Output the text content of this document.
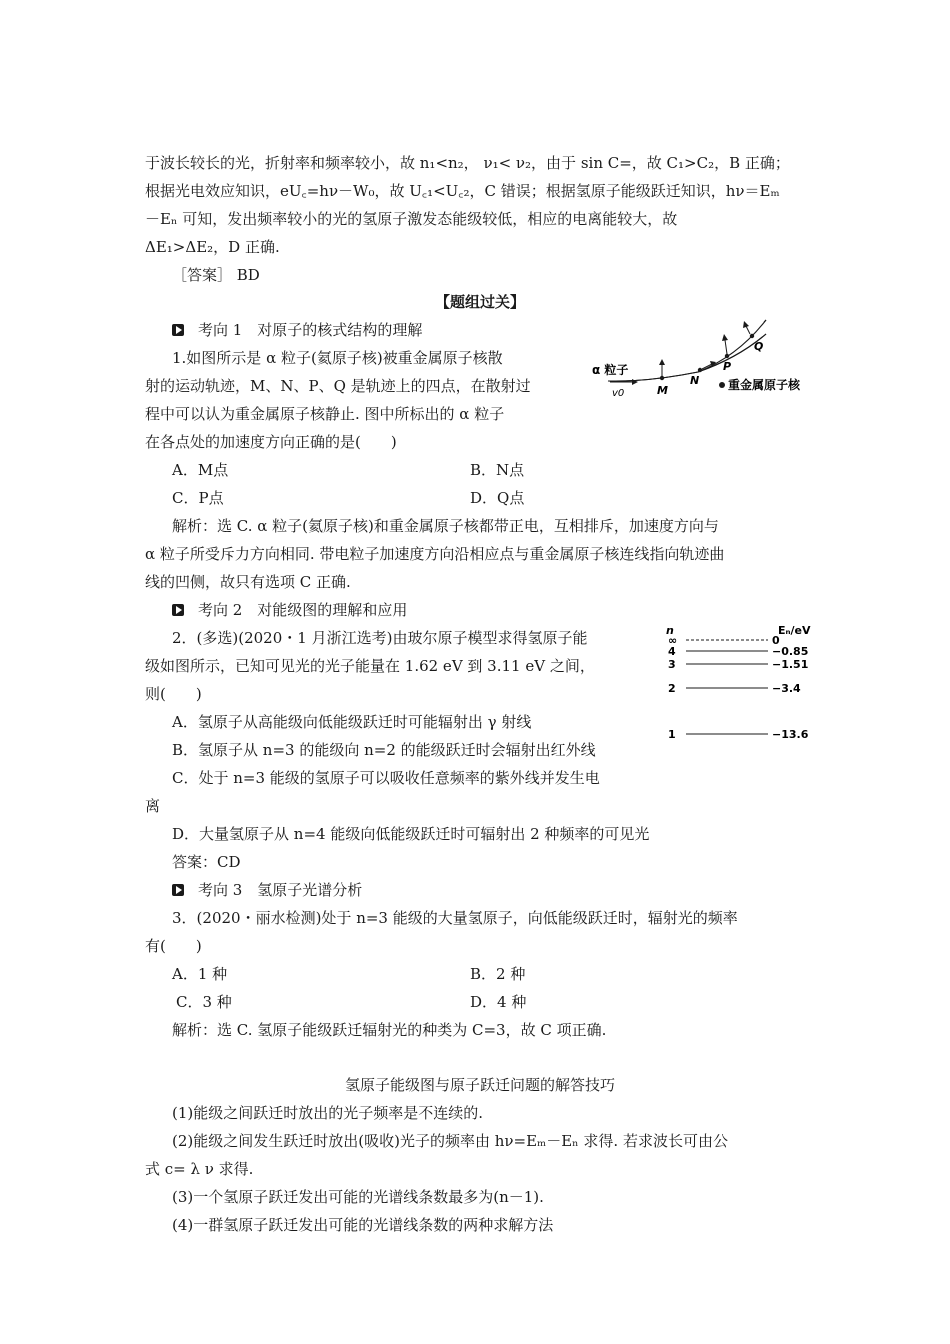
于波长较长的光，折射率和频率较小，故 n₁<n₂， ν₁< ν₂，由于 sin C=，故 C₁>C₂，B 正确；
根据光电效应知识，eU꜀=hν－W₀，故 U꜀₁<U꜀₂，C 错误；根据氢原子能级跃迁知识，hν＝Eₘ
－Eₙ 可知，发出频率较小的光的氢原子激发态能级较低，相应的电离能较大，故
ΔE₁>ΔE₂，D 正确.
［答案］ BD
【题组过关】
考向 1　对原子的核式结构的理解
1.如图所示是 α 粒子(氦原子核)被重金属原子核散
射的运动轨迹，M、N、P、Q 是轨迹上的四点，在散射过
程中可以认为重金属原子核静止. 图中所标出的 α 粒子
在各点处的加速度方向正确的是(　　)
A．M点	B．N点
C．P点	D．Q点
解析：选 C. α 粒子(氦原子核)和重金属原子核都带正电，互相排斥，加速度方向与
α 粒子所受斥力方向相同. 带电粒子加速度方向沿相应点与重金属原子核连线指向轨迹曲
线的凹侧，故只有选项 C 正确.
α 粒子
v0	M
N
P
Q
重金属原子核
考向 2　对能级图的理解和应用
2．(多选)(2020・1 月浙江选考)由玻尔原子模型求得氢原子能
级如图所示，已知可见光的光子能量在 1.62 eV 到 3.11 eV 之间，
则(　　)
A．氢原子从高能级向低能级跃迁时可能辐射出 γ 射线
B．氢原子从 n=3 的能级向 n=2 的能级跃迁时会辐射出红外线
C．处于 n=3 能级的氢原子可以吸收任意频率的紫外线并发生电
离
D．大量氢原子从 n=4 能级向低能级跃迁时可辐射出 2 种频率的可见光
答案：CD
n	Eₙ/eV
∞	0
4	−0.85
3	−1.51
2	−3.4
1	−13.6
考向 3　氢原子光谱分析
3．(2020・丽水检测)处于 n=3 能级的大量氢原子，向低能级跃迁时，辐射光的频率
有(　　)
A．1 种	B．2 种
C．3 种	D．4 种
解析：选 C. 氢原子能级跃迁辐射光的种类为 C=3，故 C 项正确.
氢原子能级图与原子跃迁问题的解答技巧
(1)能级之间跃迁时放出的光子频率是不连续的.
(2)能级之间发生跃迁时放出(吸收)光子的频率由 hν=Eₘ－Eₙ 求得. 若求波长可由公
式 c= λ ν 求得.
(3)一个氢原子跃迁发出可能的光谱线条数最多为(n－1).
(4)一群氢原子跃迁发出可能的光谱线条数的两种求解方法
